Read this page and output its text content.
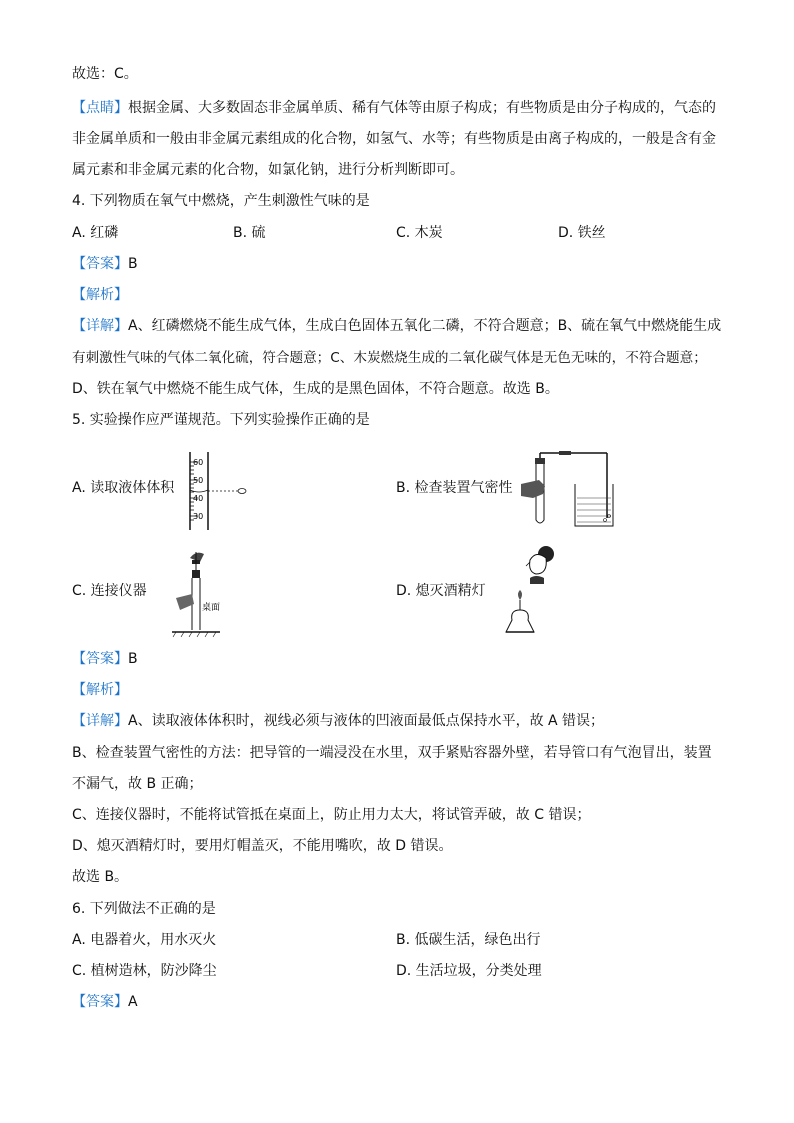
故选：C。
【点睛】根据金属、大多数固态非金属单质、稀有气体等由原子构成；有些物质是由分子构成的，气态的
非金属单质和一般由非金属元素组成的化合物，如氢气、水等；有些物质是由离子构成的，一般是含有金
属元素和非金属元素的化合物，如氯化钠，进行分析判断即可。
4. 下列物质在氧气中燃烧，产生刺激性气味的是
A. 红磷	B. 硫	C. 木炭	D. 铁丝
【答案】B
【解析】
【详解】A、红磷燃烧不能生成气体，生成白色固体五氧化二磷，不符合题意；B、硫在氧气中燃烧能生成
有刺激性气味的气体二氧化硫，符合题意；C、木炭燃烧生成的二氧化碳气体是无色无味的，不符合题意；
D、铁在氧气中燃烧不能生成气体，生成的是黑色固体，不符合题意。故选 B。
5. 实验操作应严谨规范。下列实验操作正确的是
A. 读取液体体积	B. 检查装置气密性
C. 连接仪器	D. 熄灭酒精灯
60
50
40
30
桌面
【答案】B
【解析】
【详解】A、读取液体体积时，视线必须与液体的凹液面最低点保持水平，故 A 错误；
B、检查装置气密性的方法：把导管的一端浸没在水里，双手紧贴容器外壁，若导管口有气泡冒出，装置
不漏气，故 B 正确；
C、连接仪器时，不能将试管抵在桌面上，防止用力太大，将试管弄破，故 C 错误；
D、熄灭酒精灯时，要用灯帽盖灭，不能用嘴吹，故 D 错误。
故选 B。
6. 下列做法不正确的是
A. 电器着火，用水灭火	B. 低碳生活，绿色出行
C. 植树造林，防沙降尘	D. 生活垃圾，分类处理
【答案】A
